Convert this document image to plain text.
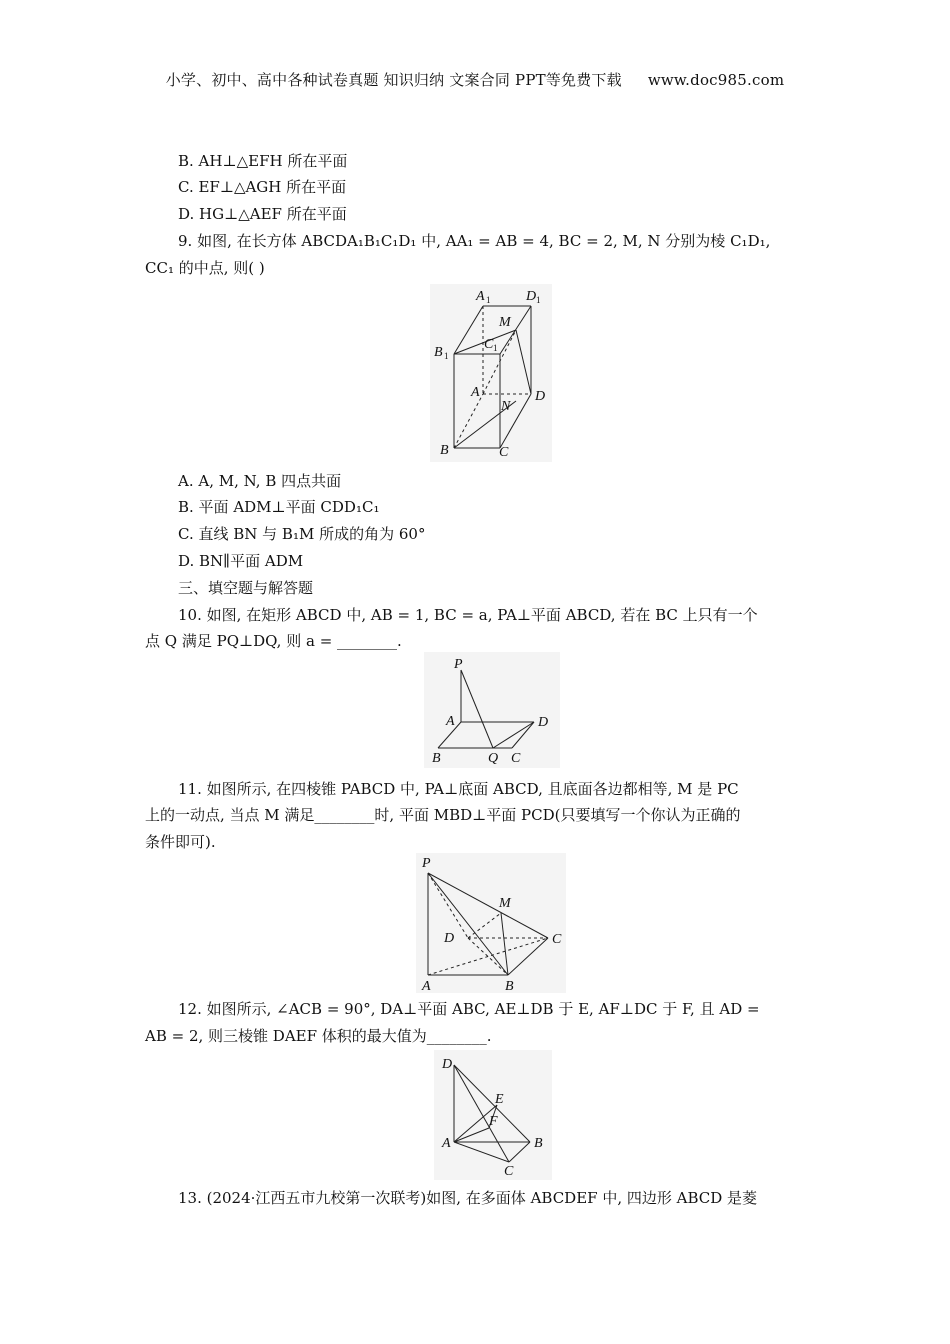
小学、初中、高中各种试卷真题 知识归纳 文案合同 PPT等免费下载 www.doc985.com
B. AH⊥△EFH 所在平面
C. EF⊥△AGH 所在平面
D. HG⊥△AEF 所在平面
9. 如图, 在长方体 ABCDA₁B₁C₁D₁ 中, AA₁ = AB = 4, BC = 2, M, N 分别为棱 C₁D₁,
CC₁ 的中点, 则( )
A 1	D 1
M
C 1
B 1
A
N
D
B	C
A. A, M, N, B 四点共面
B. 平面 ADM⊥平面 CDD₁C₁
C. 直线 BN 与 B₁M 所成的角为 60°
D. BN∥平面 ADM
三、填空题与解答题
10. 如图, 在矩形 ABCD 中, AB = 1, BC = a, PA⊥平面 ABCD, 若在 BC 上只有一个
点 Q 满足 PQ⊥DQ, 则 a = ________.
P
A	D
B	Q C
11. 如图所示, 在四棱锥 PABCD 中, PA⊥底面 ABCD, 且底面各边都相等, M 是 PC
上的一动点, 当点 M 满足________时, 平面 MBD⊥平面 PCD(只要填写一个你认为正确的
条件即可).
P
M
D	C
A	B
12. 如图所示, ∠ACB = 90°, DA⊥平面 ABC, AE⊥DB 于 E, AF⊥DC 于 F, 且 AD =
AB = 2, 则三棱锥 DAEF 体积的最大值为________.
D
E
F
A	B
C
13. (2024·江西五市九校第一次联考)如图, 在多面体 ABCDEF 中, 四边形 ABCD 是菱
